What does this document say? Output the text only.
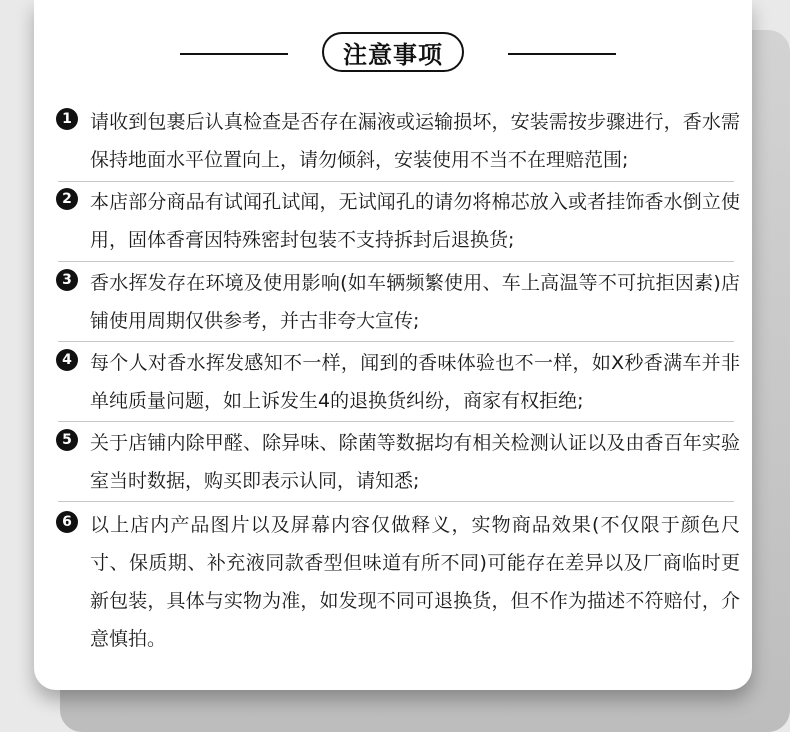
注意事项
1 请收到包裹后认真检查是否存在漏液或运输损坏，安装需按步骤进行，香水需保持地面水平位置向上，请勿倾斜，安装使用不当不在理赔范围;
2 本店部分商品有试闻孔试闻，无试闻孔的请勿将棉芯放入或者挂饰香水倒立使用，固体香膏因特殊密封包装不支持拆封后退换货;
3 香水挥发存在环境及使用影响(如车辆频繁使用、车上高温等不可抗拒因素)店铺使用周期仅供参考，并古非夸大宣传;
4 每个人对香水挥发感知不一样，闻到的香味体验也不一样，如X秒香满车并非单纯质量问题，如上诉发生4的退换货纠纷，商家有权拒绝;
5 关于店铺内除甲醛、除异味、除菌等数据均有相关检测认证以及由香百年实验室当时数据，购买即表示认同，请知悉;
6 以上店内产品图片以及屏幕内容仅做释义，实物商品效果(不仅限于颜色尺寸、保质期、补充液同款香型但味道有所不同)可能存在差异以及厂商临时更新包装，具体与实物为准，如发现不同可退换货，但不作为描述不符赔付，介意慎拍。
